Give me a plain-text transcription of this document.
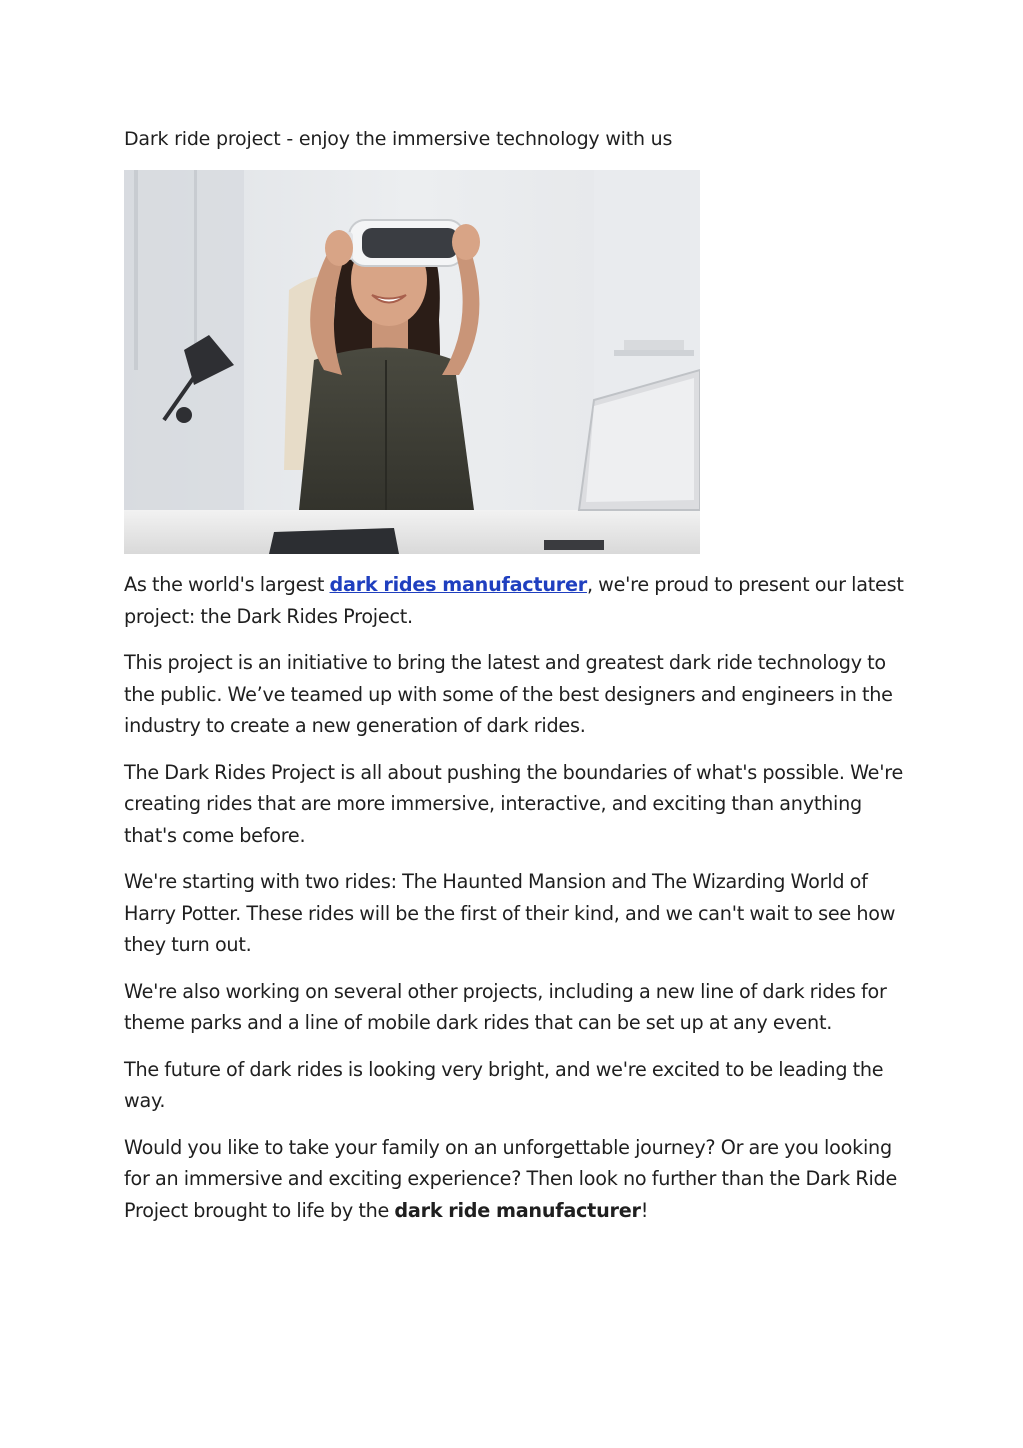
Dark ride project - enjoy the immersive technology with us

As the world's largest dark rides manufacturer, we're proud to present our latest project: the Dark Rides Project.

This project is an initiative to bring the latest and greatest dark ride technology to the public. We’ve teamed up with some of the best designers and engineers in the industry to create a new generation of dark rides.

The Dark Rides Project is all about pushing the boundaries of what's possible. We're creating rides that are more immersive, interactive, and exciting than anything that's come before.

We're starting with two rides: The Haunted Mansion and The Wizarding World of Harry Potter. These rides will be the first of their kind, and we can't wait to see how they turn out.

We're also working on several other projects, including a new line of dark rides for theme parks and a line of mobile dark rides that can be set up at any event.

The future of dark rides is looking very bright, and we're excited to be leading the way.

Would you like to take your family on an unforgettable journey? Or are you looking for an immersive and exciting experience? Then look no further than the Dark Ride Project brought to life by the dark ride manufacturer!
